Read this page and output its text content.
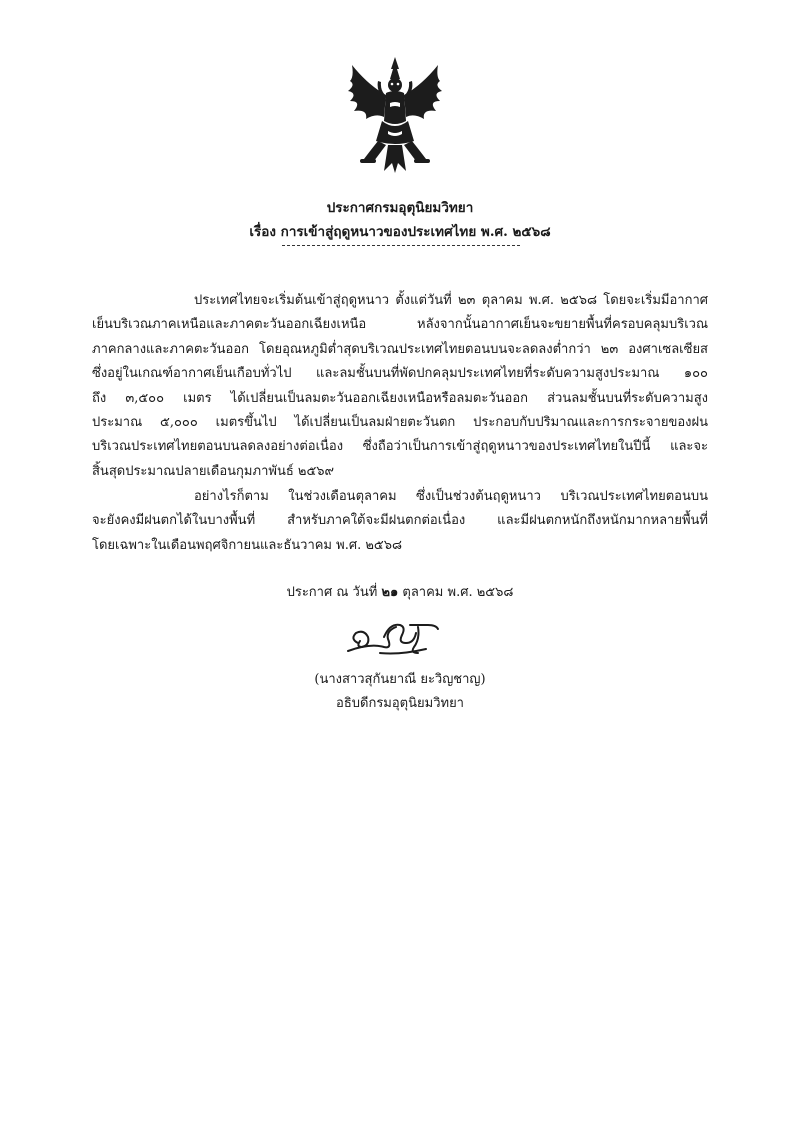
ประกาศกรมอุตุนิยมวิทยา
เรื่อง การเข้าสู่ฤดูหนาวของประเทศไทย พ.ศ. ๒๕๖๘
ประเทศไทยจะเริ่มต้นเข้าสู่ฤดูหนาว ตั้งแต่วันที่ ๒๓ ตุลาคม พ.ศ. ๒๕๖๘ โดยจะเริ่มมีอากาศ
เย็นบริเวณภาคเหนือและภาคตะวันออกเฉียงเหนือ หลังจากนั้นอากาศเย็นจะขยายพื้นที่ครอบคลุมบริเวณ
ภาคกลางและภาคตะวันออก โดยอุณหภูมิต่ำสุดบริเวณประเทศไทยตอนบนจะลดลงต่ำกว่า ๒๓ องศาเซลเซียส
ซึ่งอยู่ในเกณฑ์อากาศเย็นเกือบทั่วไป และลมชั้นบนที่พัดปกคลุมประเทศไทยที่ระดับความสูงประมาณ ๑๐๐
ถึง ๓,๕๐๐ เมตร ได้เปลี่ยนเป็นลมตะวันออกเฉียงเหนือหรือลมตะวันออก ส่วนลมชั้นบนที่ระดับความสูง
ประมาณ ๕,๐๐๐ เมตรขึ้นไป ได้เปลี่ยนเป็นลมฝ่ายตะวันตก ประกอบกับปริมาณและการกระจายของฝน
บริเวณประเทศไทยตอนบนลดลงอย่างต่อเนื่อง ซึ่งถือว่าเป็นการเข้าสู่ฤดูหนาวของประเทศไทยในปีนี้ และจะ
สิ้นสุดประมาณปลายเดือนกุมภาพันธ์ ๒๕๖๙
อย่างไรก็ตาม ในช่วงเดือนตุลาคม ซึ่งเป็นช่วงต้นฤดูหนาว บริเวณประเทศไทยตอนบน
จะยังคงมีฝนตกได้ในบางพื้นที่ สำหรับภาคใต้จะมีฝนตกต่อเนื่อง และมีฝนตกหนักถึงหนักมากหลายพื้นที่
โดยเฉพาะในเดือนพฤศจิกายนและธันวาคม พ.ศ. ๒๕๖๘
ประกาศ ณ วันที่ ๒๑ ตุลาคม พ.ศ. ๒๕๖๘
(นางสาวสุกันยาณี ยะวิญชาญ)
อธิบดีกรมอุตุนิยมวิทยา
